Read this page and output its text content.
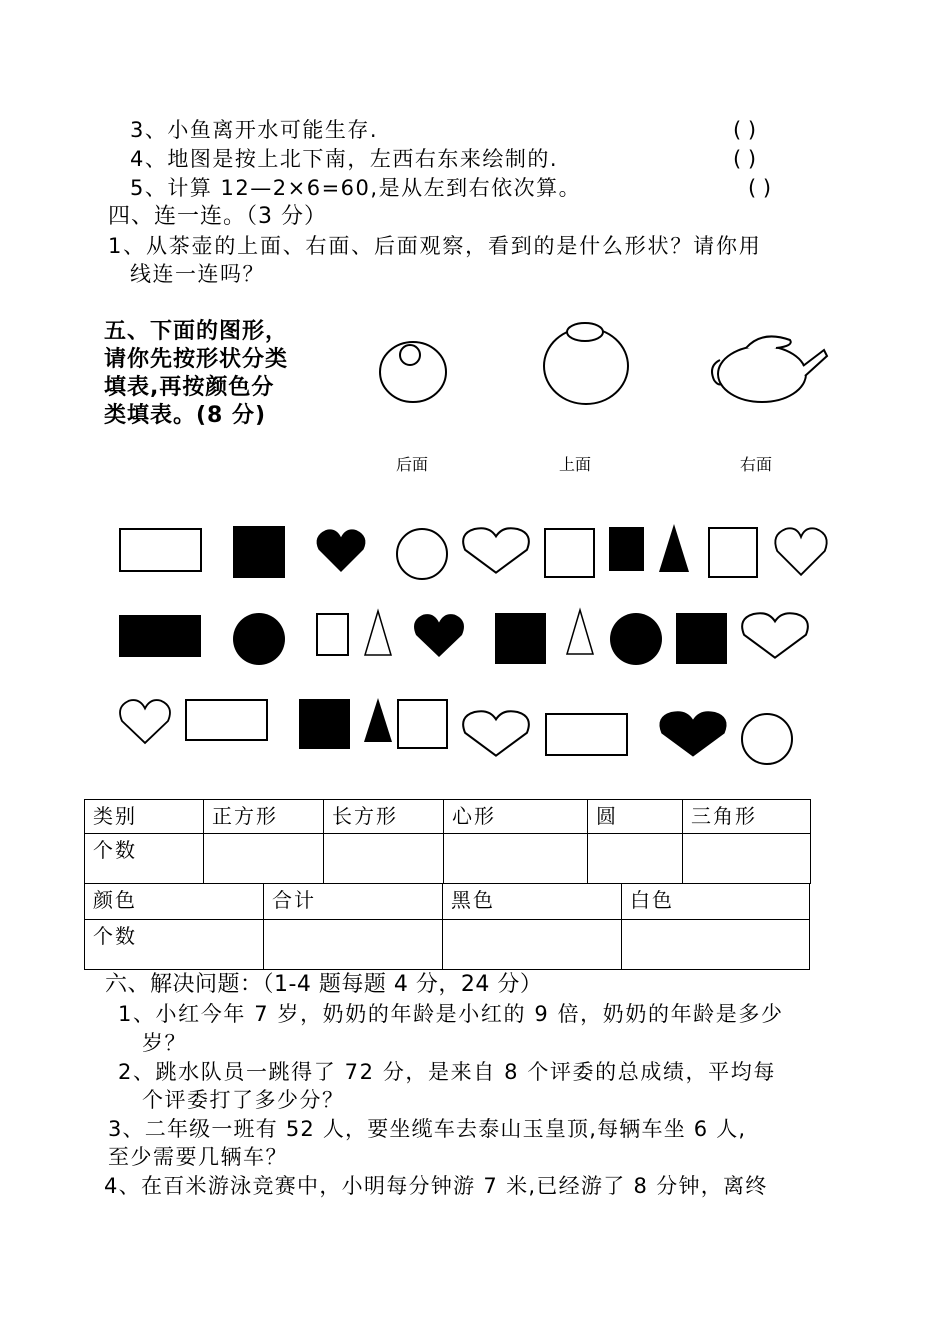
3、小鱼离开水可能生存.	( )
4、地图是按上北下南，左西右东来绘制的.	( )
5、计算 12—2×6=60,是从左到右依次算。	( )
四、连一连。（3 分）
1、从茶壶的上面、右面、后面观察，看到的是什么形状？请你用
线连一连吗？
五、下面的图形，
请你先按形状分类
填表,再按颜色分
类填表。(8 分)
后面	上面	右面
类别	正方形	长方形	心形	圆	三角形
个数					
颜色	合计	黑色	白色
个数			
六、解决问题：（1-4 题每题 4 分，24 分）
1、小红今年 7 岁，奶奶的年龄是小红的 9 倍，奶奶的年龄是多少
岁？
2、跳水队员一跳得了 72 分，是来自 8 个评委的总成绩，平均每
个评委打了多少分？
3、二年级一班有 52 人，要坐缆车去泰山玉皇顶,每辆车坐 6 人,
至少需要几辆车？
4、在百米游泳竞赛中，小明每分钟游 7 米,已经游了 8 分钟，离终
